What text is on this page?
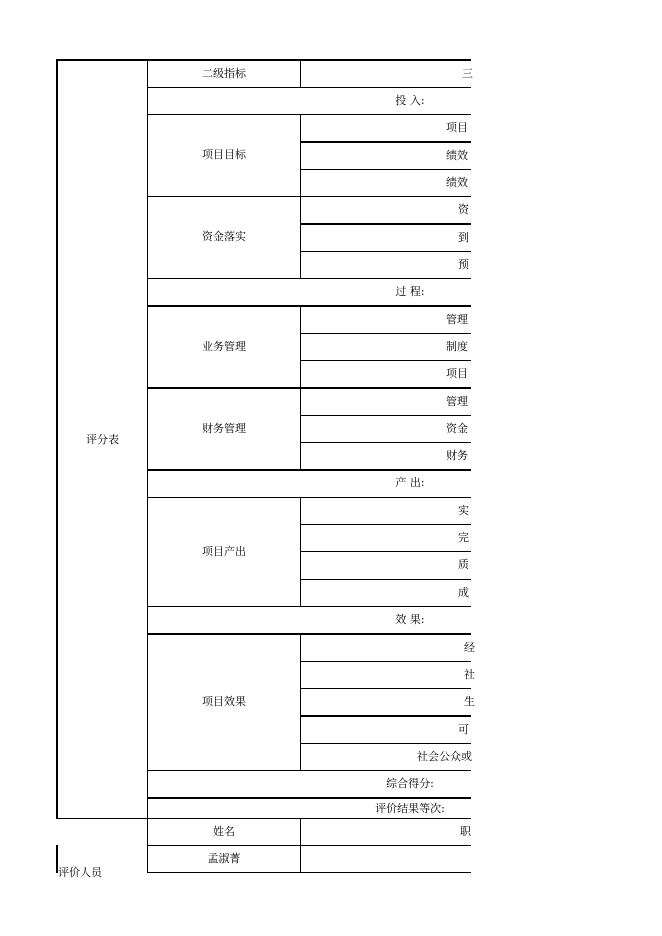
二级指标	三
评分表
投 入:
过 程:
产 出:
效 果:
项目目标
资金落实
业务管理
财务管理
项目产出
项目效果
项目
绩效
绩效
资
到
预
管理
制度
项目
管理
资金
财务
实
完
质
成
经
社
生
可
社会公众或
综合得分:
评价结果等次:
姓名	职
孟淑菁
评价人员
